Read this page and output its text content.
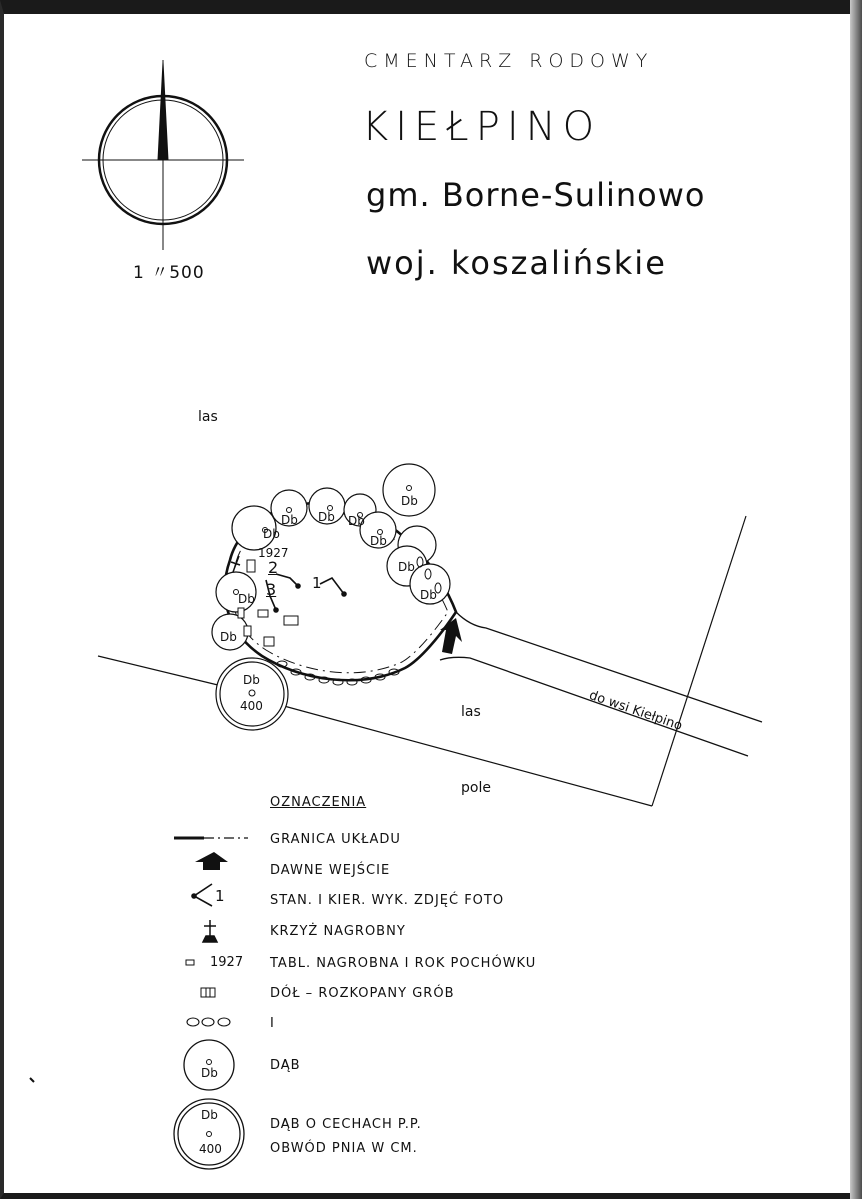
CMENTARZ RODOWY
KIEŁPINO
gm. Borne-Sulinowo
woj. koszalińskie
1 〃500
las
las
pole
do wsi Kiełpino
Db
Db
Db Db Db
Db
Db
Db
Db
Db
Db
400
1927
1
2
3
OZNACZENIA
GRANICA UKŁADU
DAWNE WEJŚCIE
STAN. I KIER. WYK. ZDJĘĆ FOTO
1
KRZYŻ NAGROBNY
TABL. NAGROBNA I ROK POCHÓWKU
1927
DÓŁ – ROZKOPANY GRÓB
I
DĄB
Db
DĄB O CECHACH P.P.
Db
400	OBWÓD PNIA W CM.
